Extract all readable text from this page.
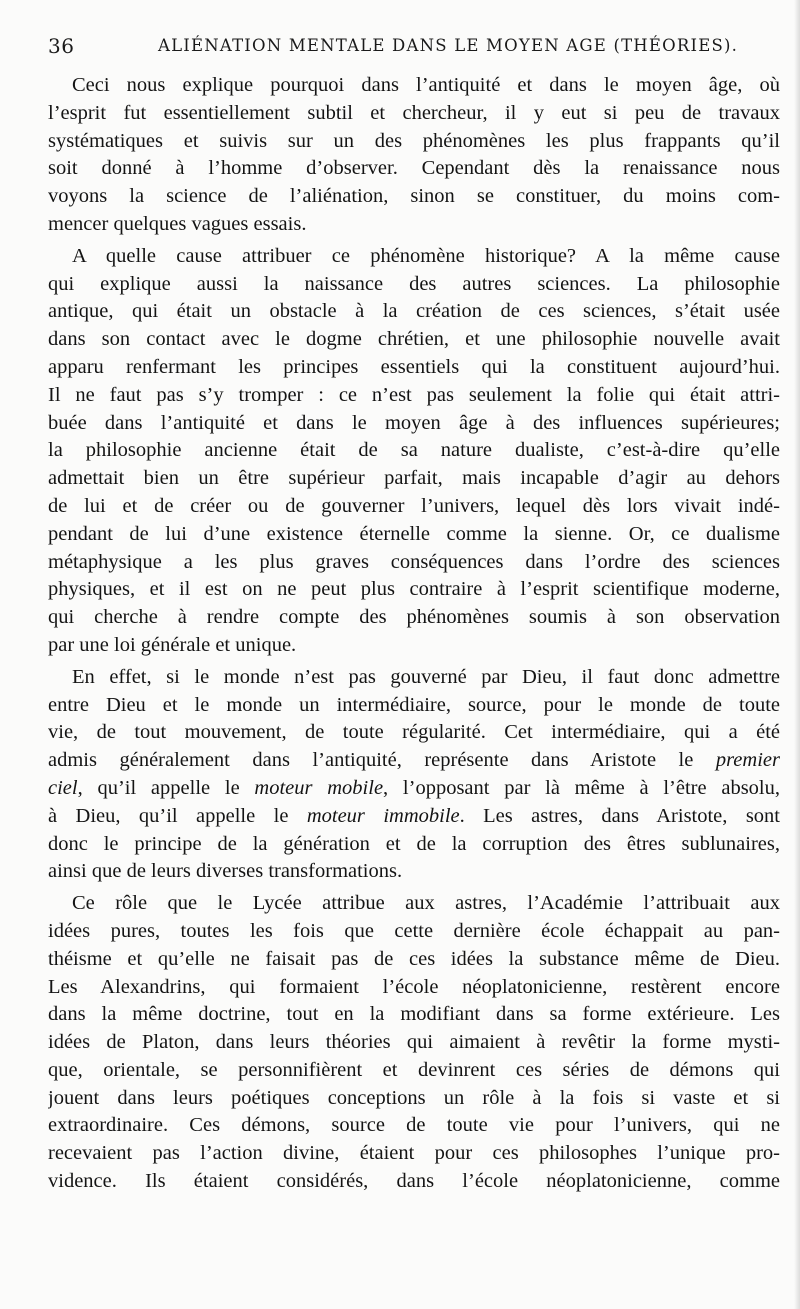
36	ALIÉNATION MENTALE DANS LE MOYEN AGE (THÉORIES).

Ceci nous explique pourquoi dans l’antiquité et dans le moyen âge, où
l’esprit fut essentiellement subtil et chercheur, il y eut si peu de travaux
systématiques et suivis sur un des phénomènes les plus frappants qu’il
soit donné à l’homme d’observer. Cependant dès la renaissance nous
voyons la science de l’aliénation, sinon se constituer, du moins com-
mencer quelques vagues essais.

A quelle cause attribuer ce phénomène historique? A la même cause
qui explique aussi la naissance des autres sciences. La philosophie
antique, qui était un obstacle à la création de ces sciences, s’était usée
dans son contact avec le dogme chrétien, et une philosophie nouvelle avait
apparu renfermant les principes essentiels qui la constituent aujourd’hui.
Il ne faut pas s’y tromper : ce n’est pas seulement la folie qui était attri-
buée dans l’antiquité et dans le moyen âge à des influences supérieures;
la philosophie ancienne était de sa nature dualiste, c’est-à-dire qu’elle
admettait bien un être supérieur parfait, mais incapable d’agir au dehors
de lui et de créer ou de gouverner l’univers, lequel dès lors vivait indé-
pendant de lui d’une existence éternelle comme la sienne. Or, ce dualisme
métaphysique a les plus graves conséquences dans l’ordre des sciences
physiques, et il est on ne peut plus contraire à l’esprit scientifique moderne,
qui cherche à rendre compte des phénomènes soumis à son observation
par une loi générale et unique.

En effet, si le monde n’est pas gouverné par Dieu, il faut donc admettre
entre Dieu et le monde un intermédiaire, source, pour le monde de toute
vie, de tout mouvement, de toute régularité. Cet intermédiaire, qui a été
admis généralement dans l’antiquité, représente dans Aristote le premier
ciel, qu’il appelle le moteur mobile, l’opposant par là même à l’être absolu,
à Dieu, qu’il appelle le moteur immobile. Les astres, dans Aristote, sont
donc le principe de la génération et de la corruption des êtres sublunaires,
ainsi que de leurs diverses transformations.

Ce rôle que le Lycée attribue aux astres, l’Académie l’attribuait aux
idées pures, toutes les fois que cette dernière école échappait au pan-
théisme et qu’elle ne faisait pas de ces idées la substance même de Dieu.
Les Alexandrins, qui formaient l’école néoplatonicienne, restèrent encore
dans la même doctrine, tout en la modifiant dans sa forme extérieure. Les
idées de Platon, dans leurs théories qui aimaient à revêtir la forme mysti-
que, orientale, se personnifièrent et devinrent ces séries de démons qui
jouent dans leurs poétiques conceptions un rôle à la fois si vaste et si
extraordinaire. Ces démons, source de toute vie pour l’univers, qui ne
recevaient pas l’action divine, étaient pour ces philosophes l’unique pro-
vidence. Ils étaient considérés, dans l’école néoplatonicienne, comme
